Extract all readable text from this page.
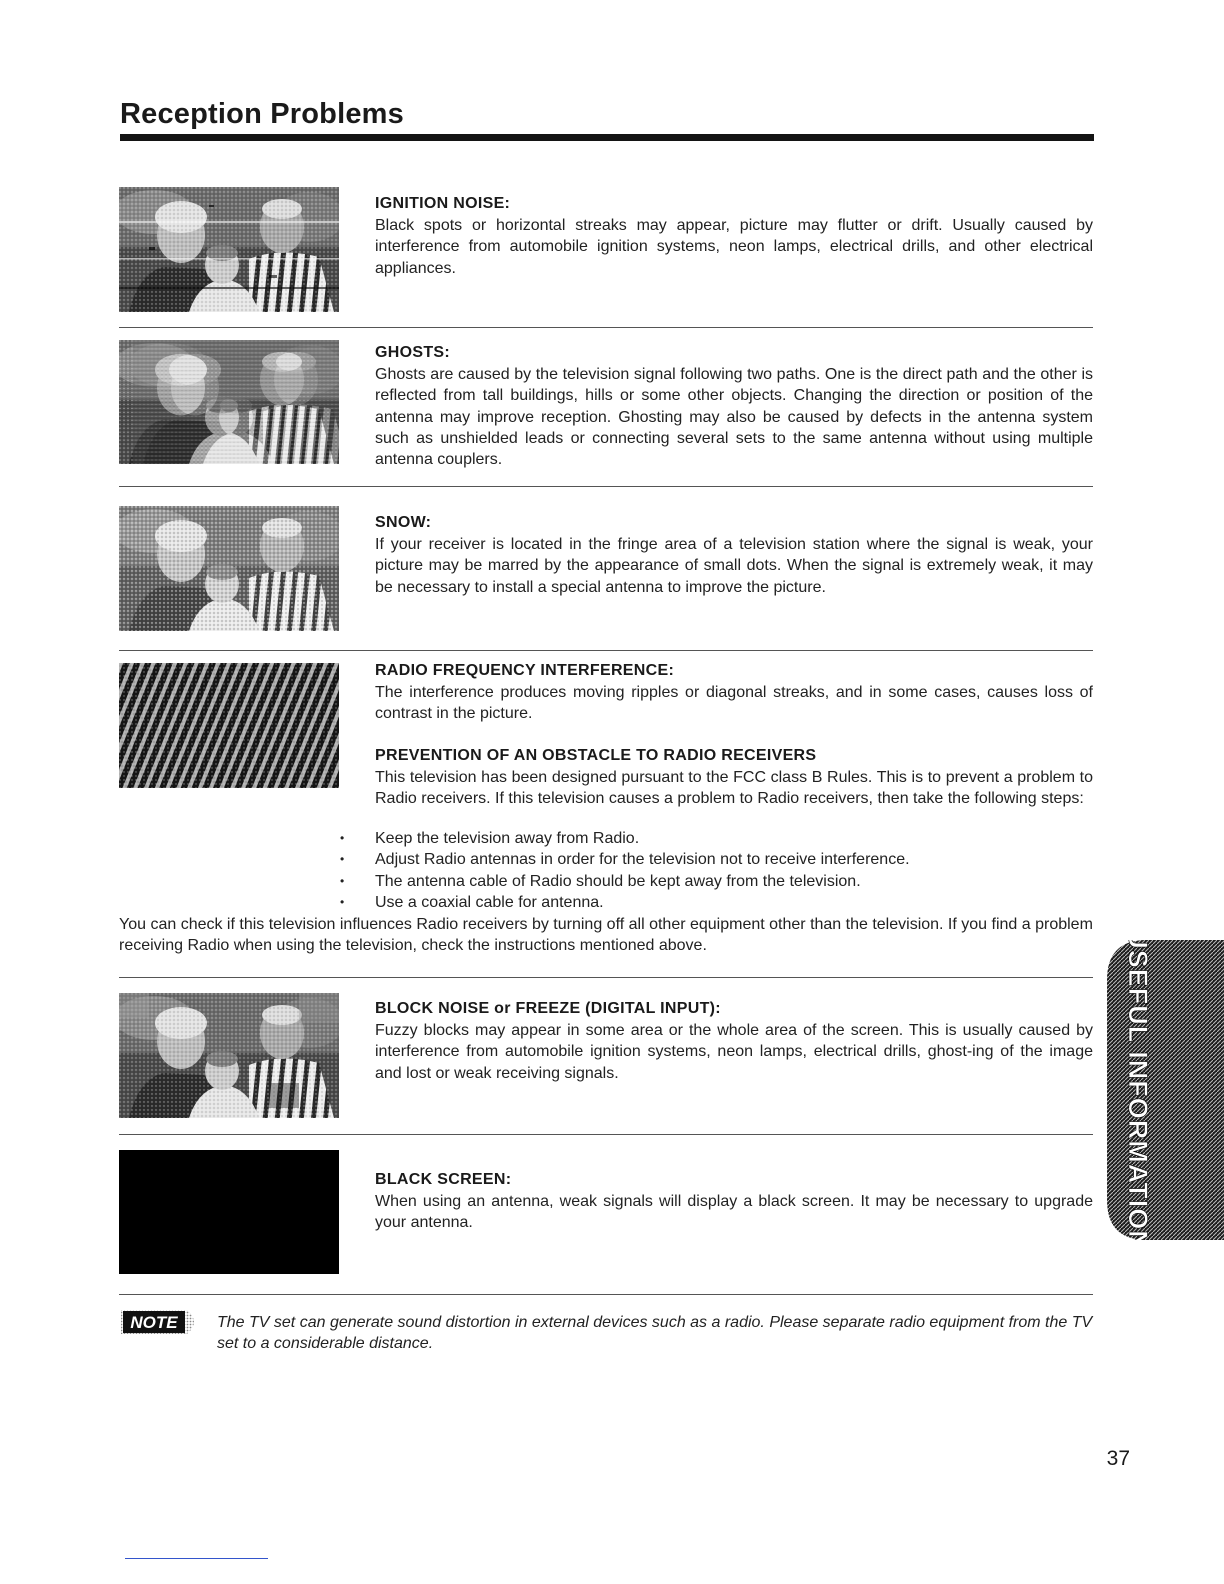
Reception Problems
IGNITION NOISE:

Black spots or horizontal streaks may appear, picture may flutter or drift. Usually caused by interference from automobile ignition systems, neon lamps, electrical drills, and other electrical appliances.

GHOSTS:

Ghosts are caused by the television signal following two paths. One is the direct path and the other is reflected from tall buildings, hills or some other objects. Changing the direction or position of the antenna may improve reception. Ghosting may also be caused by defects in the antenna system such as unshielded leads or connecting several sets to the same antenna without using multiple antenna couplers.

SNOW:

If your receiver is located in the fringe area of a television station where the signal is weak, your picture may be marred by the appearance of small dots. When the signal is extremely weak, it may be necessary to install a special antenna to improve the picture.

RADIO FREQUENCY INTERFERENCE:

The interference produces moving ripples or diagonal streaks, and in some cases, causes loss of contrast in the picture.

PREVENTION OF AN OBSTACLE TO RADIO RECEIVERS

This television has been designed pursuant to the FCC class B Rules. This is to prevent a problem to Radio receivers. If this television causes a problem to Radio receivers, then take the following steps:

• Keep the television away from Radio.
• Adjust Radio antennas in order for the television not to receive interference.
• The antenna cable of Radio should be kept away from the television.
• Use a coaxial cable for antenna.

You can check if this television influences Radio receivers by turning off all other equipment other than the television. If you find a problem receiving Radio when using the television, check the instructions mentioned above.

BLOCK NOISE or FREEZE (DIGITAL INPUT):

Fuzzy blocks may appear in some area or the whole area of the screen. This is usually caused by interference from automobile ignition systems, neon lamps, electrical drills, ghost-ing of the image and lost or weak receiving signals.

BLACK SCREEN:

When using an antenna, weak signals will display a black screen. It may be necessary to upgrade your antenna.

NOTE The TV set can generate sound distortion in external devices such as a radio. Please separate radio equipment from the TV set to a considerable distance.

USEFUL INFORMATION
37
